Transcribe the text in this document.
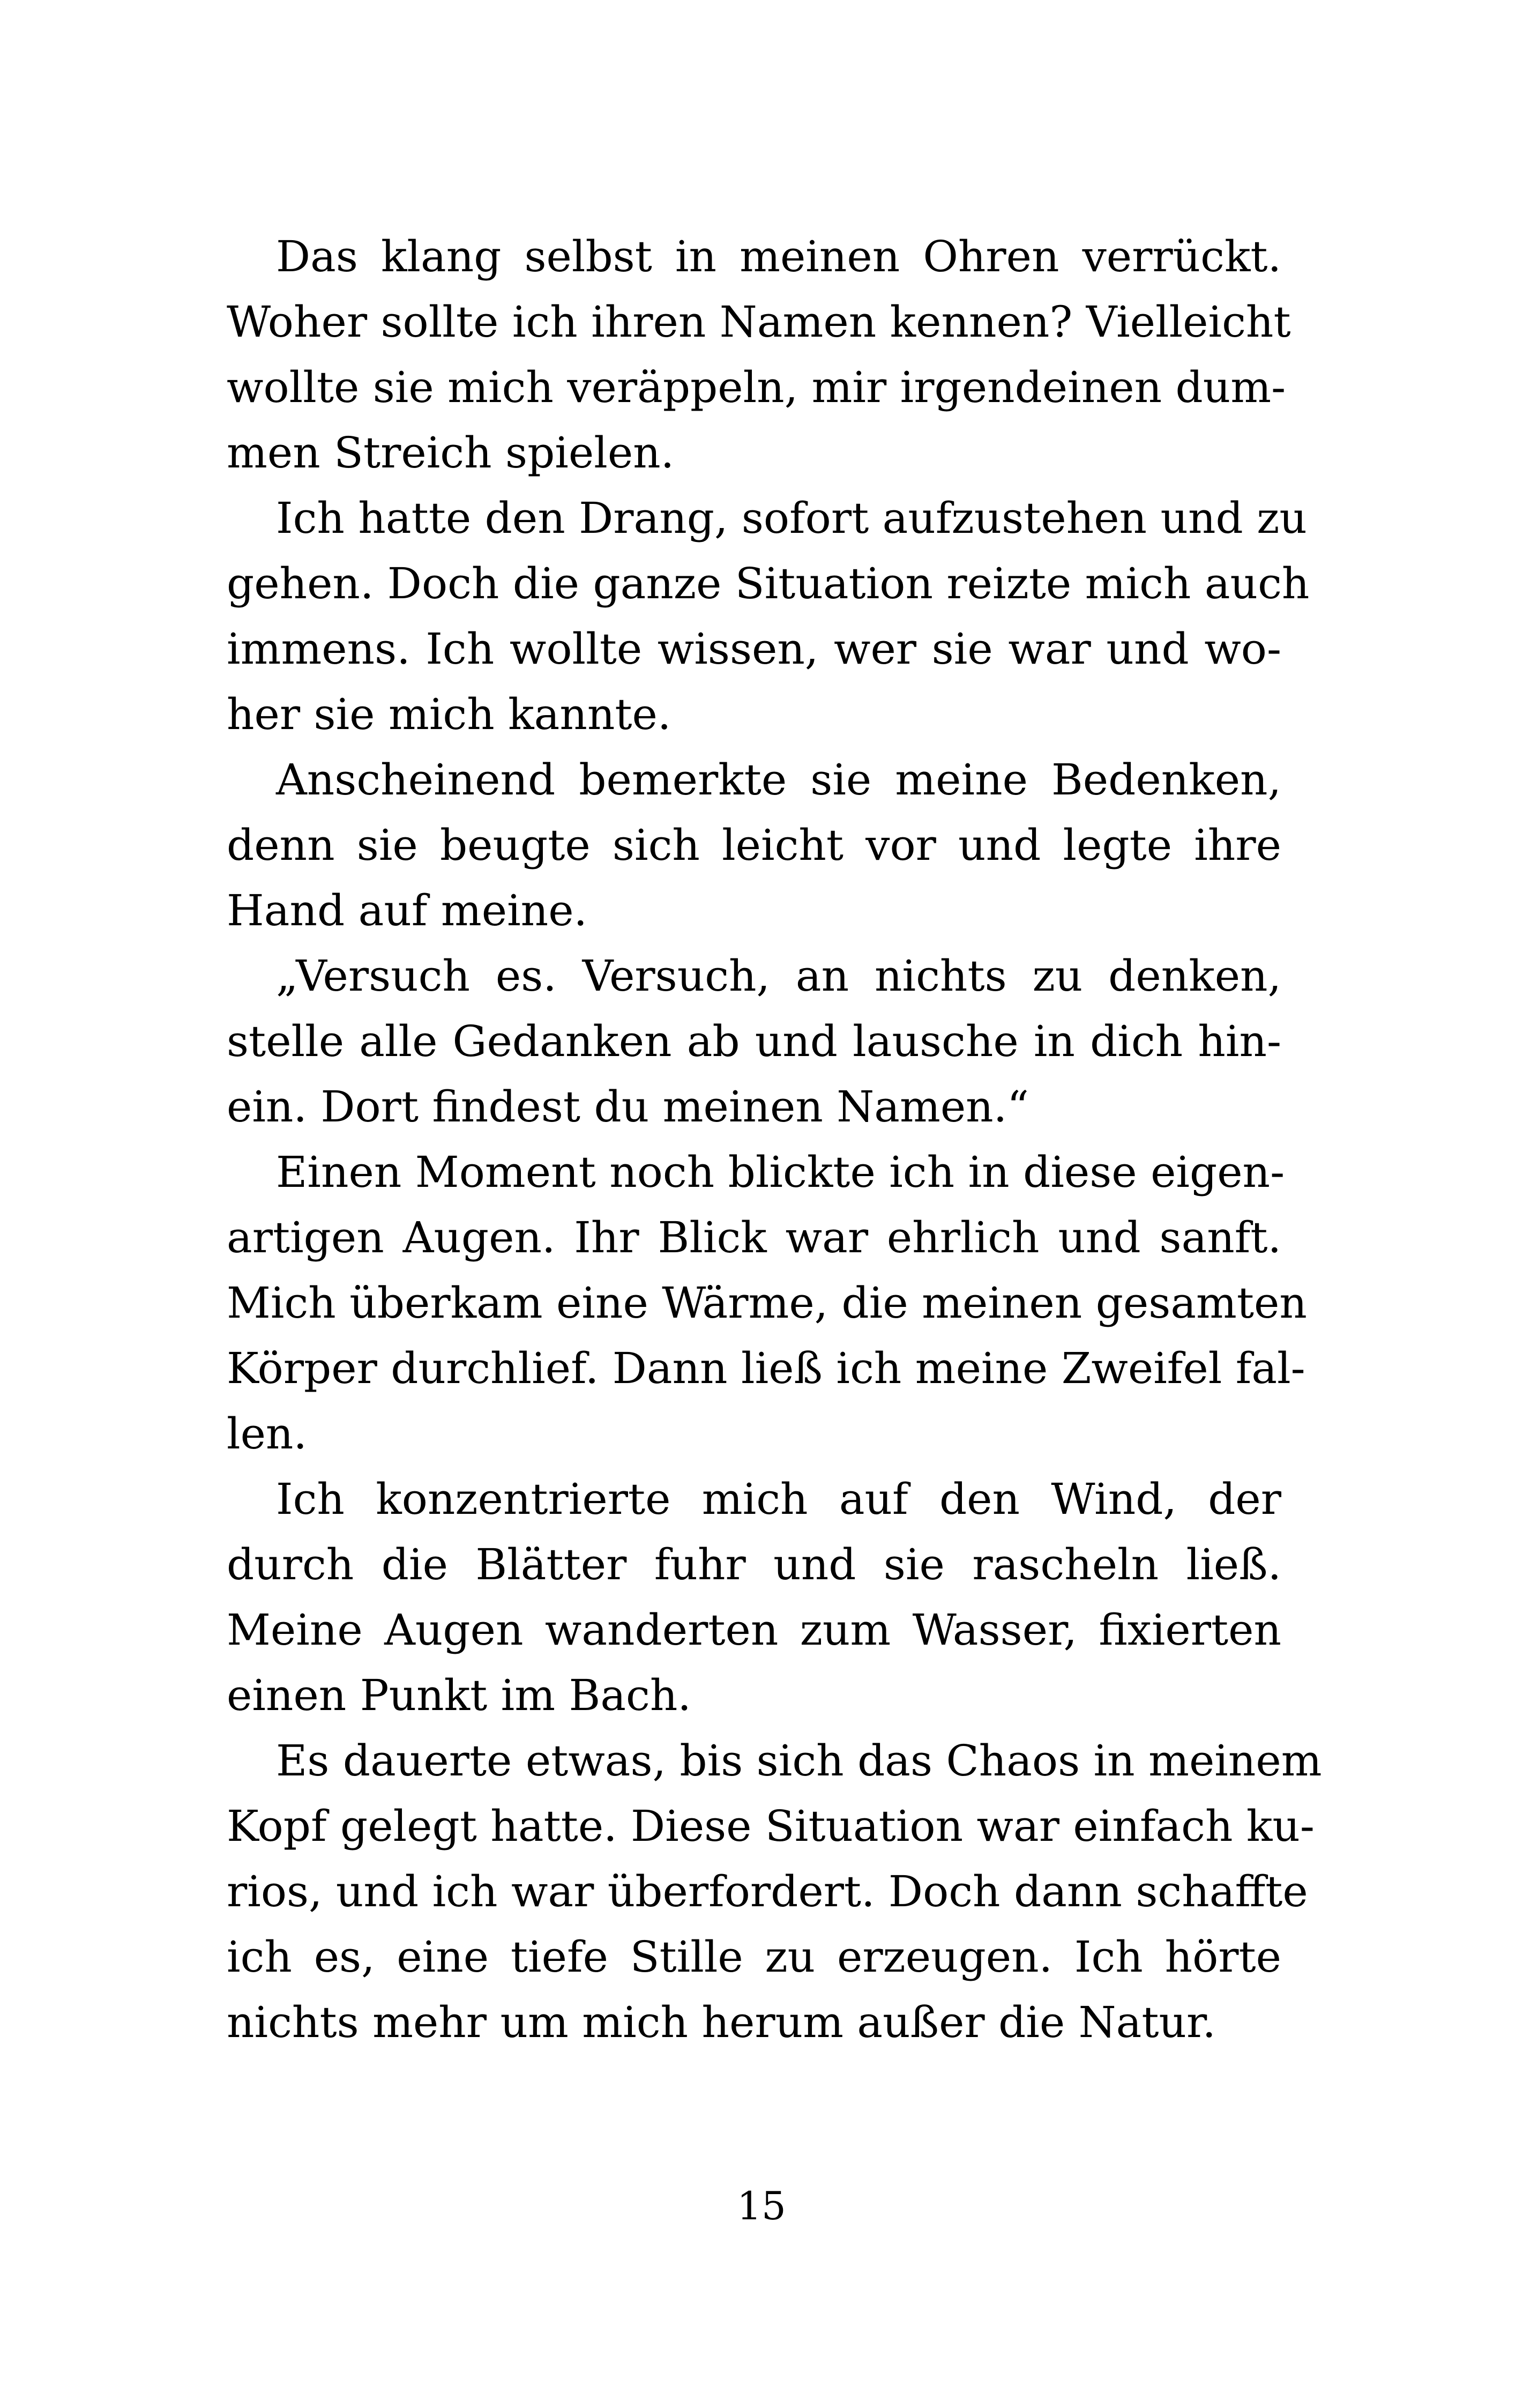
Das klang selbst in meinen Ohren verrückt.
Woher sollte ich ihren Namen kennen? Vielleicht
wollte sie mich veräppeln, mir irgendeinen dum-
men Streich spielen.
Ich hatte den Drang, sofort aufzustehen und zu
gehen. Doch die ganze Situation reizte mich auch
immens. Ich wollte wissen, wer sie war und wo-
her sie mich kannte.
Anscheinend bemerkte sie meine Bedenken,
denn sie beugte sich leicht vor und legte ihre
Hand auf meine.
„Versuch es. Versuch, an nichts zu denken,
stelle alle Gedanken ab und lausche in dich hin-
ein. Dort findest du meinen Namen.“
Einen Moment noch blickte ich in diese eigen-
artigen Augen. Ihr Blick war ehrlich und sanft.
Mich überkam eine Wärme, die meinen gesamten
Körper durchlief. Dann ließ ich meine Zweifel fal-
len.
Ich konzentrierte mich auf den Wind, der
durch die Blätter fuhr und sie rascheln ließ.
Meine Augen wanderten zum Wasser, fixierten
einen Punkt im Bach.
Es dauerte etwas, bis sich das Chaos in meinem
Kopf gelegt hatte. Diese Situation war einfach ku-
rios, und ich war überfordert. Doch dann schaffte
ich es, eine tiefe Stille zu erzeugen. Ich hörte
nichts mehr um mich herum außer die Natur.
15
